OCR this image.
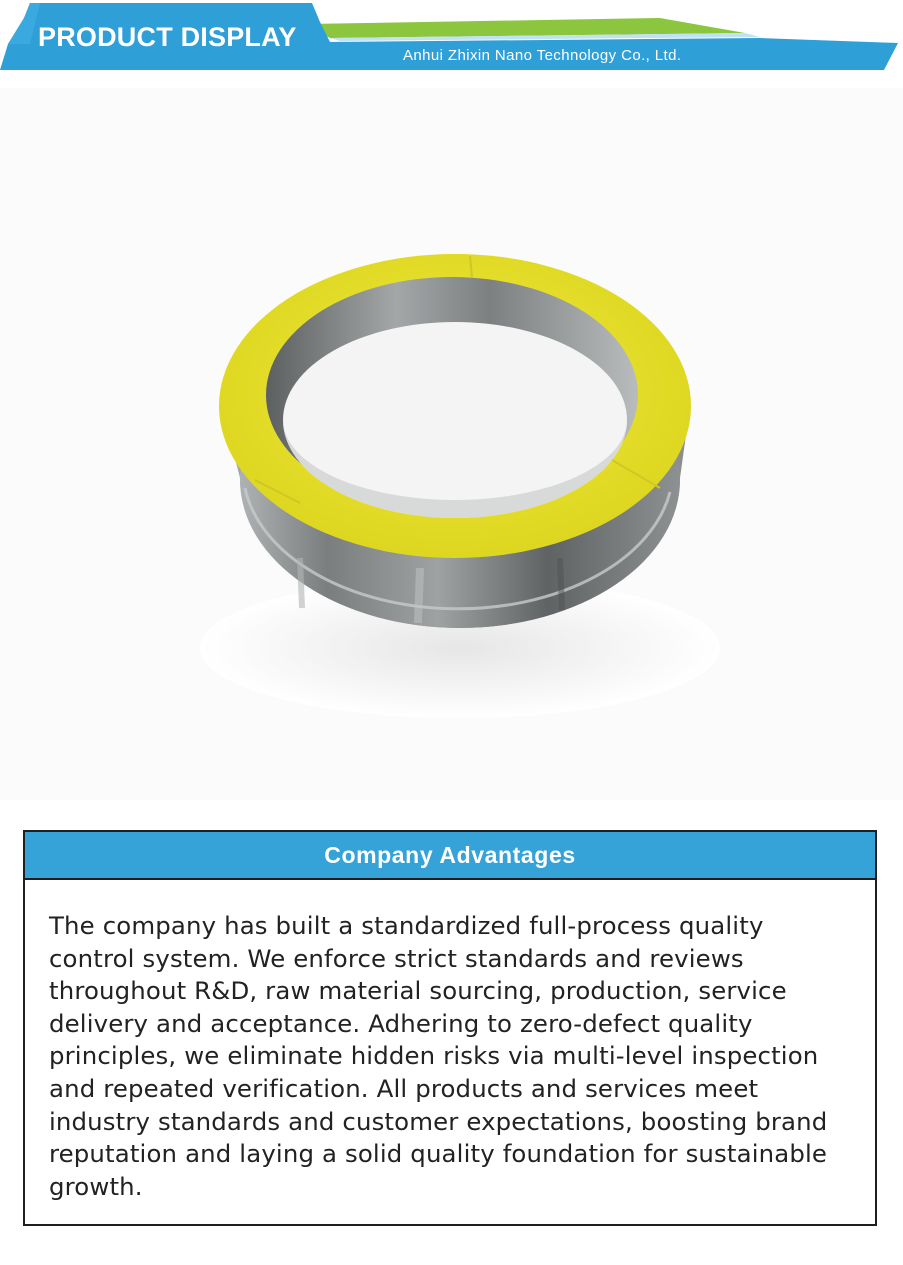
PRODUCT DISPLAY
Anhui Zhixin Nano Technology Co., Ltd.
Company Advantages
The company has built a standardized full-process quality control system. We enforce strict standards and reviews throughout R&D, raw material sourcing, production, service delivery and acceptance. Adhering to zero-defect quality principles, we eliminate hidden risks via multi-level inspection and repeated verification. All products and services meet industry standards and customer expectations, boosting brand reputation and laying a solid quality foundation for sustainable growth.
